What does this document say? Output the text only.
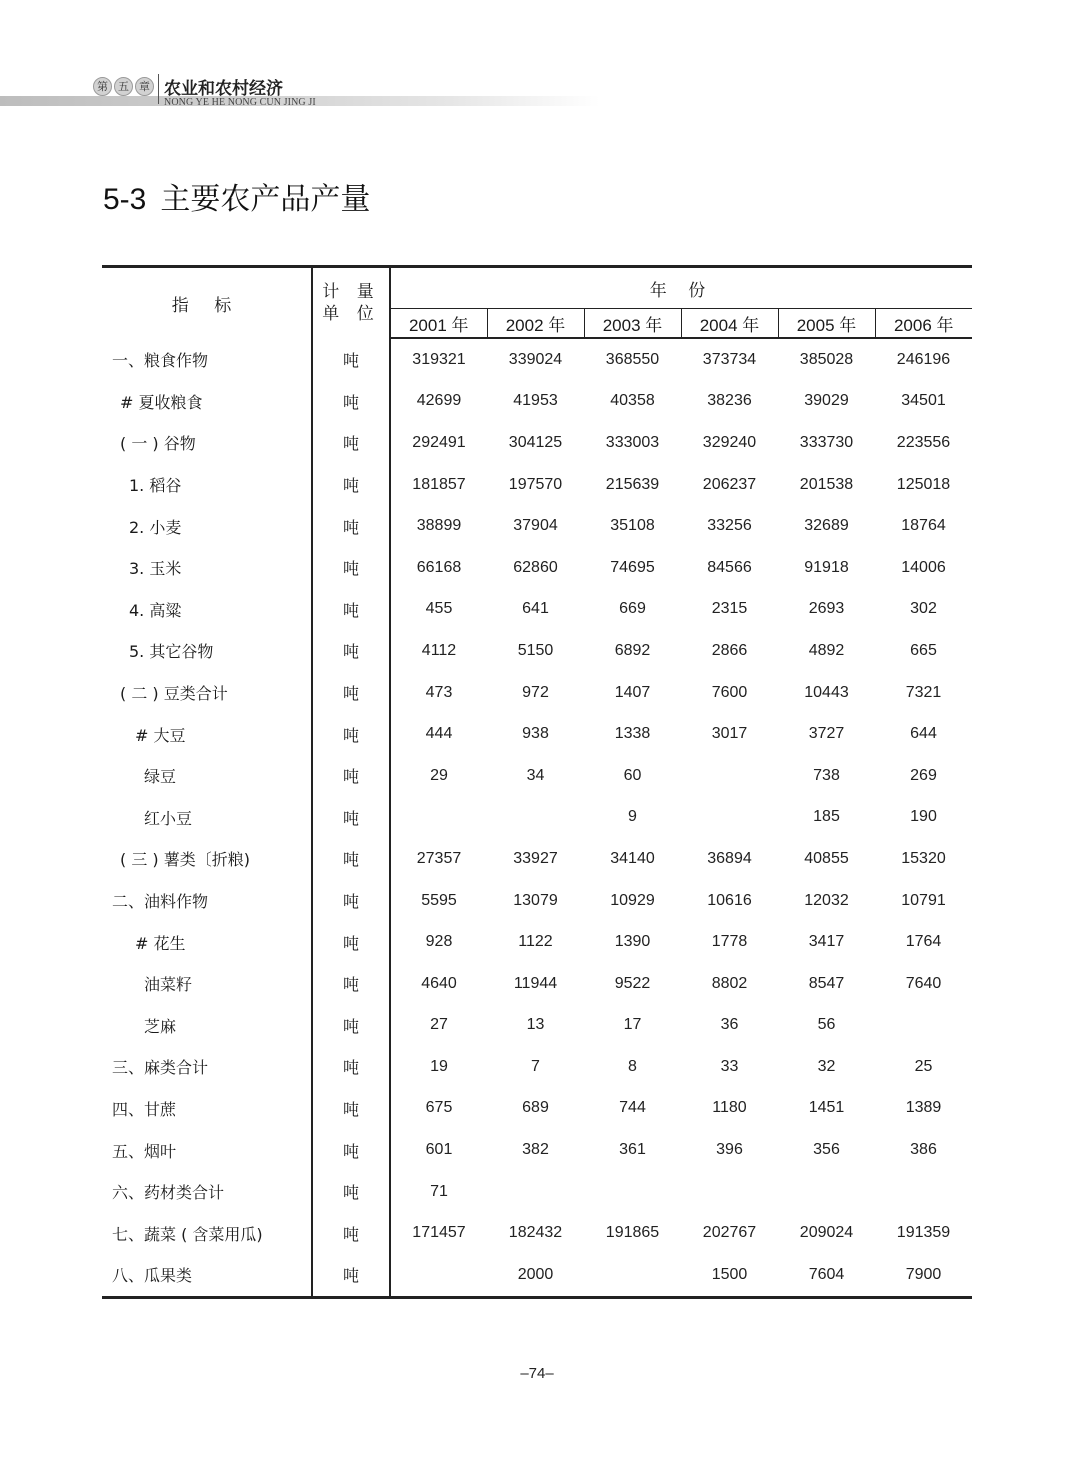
第 五 章 农业和农村经济
NONG YE HE NONG CUN JING JI
5-3 主要农产品产量
指 标	计 量
单 位	年 份					
		2001 年	2002 年	2003 年	2004 年	2005 年	2006 年
一、粮食作物	吨	319321	339024	368550	373734	385028	246196
# 夏收粮食	吨	42699	41953	40358	38236	39029	34501
( 一 ) 谷物	吨	292491	304125	333003	329240	333730	223556
1. 稻谷	吨	181857	197570	215639	206237	201538	125018
2. 小麦	吨	38899	37904	35108	33256	32689	18764
3. 玉米	吨	66168	62860	74695	84566	91918	14006
4. 高粱	吨	455	641	669	2315	2693	302
5. 其它谷物	吨	4112	5150	6892	2866	4892	665
( 二 ) 豆类合计	吨	473	972	1407	7600	10443	7321
# 大豆	吨	444	938	1338	3017	3727	644
绿豆	吨	29	34	60		738	269
红小豆	吨			9		185	190
( 三 ) 薯类〔折粮)	吨	27357	33927	34140	36894	40855	15320
二、油料作物	吨	5595	13079	10929	10616	12032	10791
# 花生	吨	928	1122	1390	1778	3417	1764
油菜籽	吨	4640	11944	9522	8802	8547	7640
芝麻	吨	27	13	17	36	56	
三、麻类合计	吨	19	7	8	33	32	25
四、甘蔗	吨	675	689	744	1180	1451	1389
五、烟叶	吨	601	382	361	396	356	386
六、药材类合计	吨	71					
七、蔬菜 ( 含菜用瓜)	吨	171457	182432	191865	202767	209024	191359
八、瓜果类	吨		2000		1500	7604	7900
–74–
